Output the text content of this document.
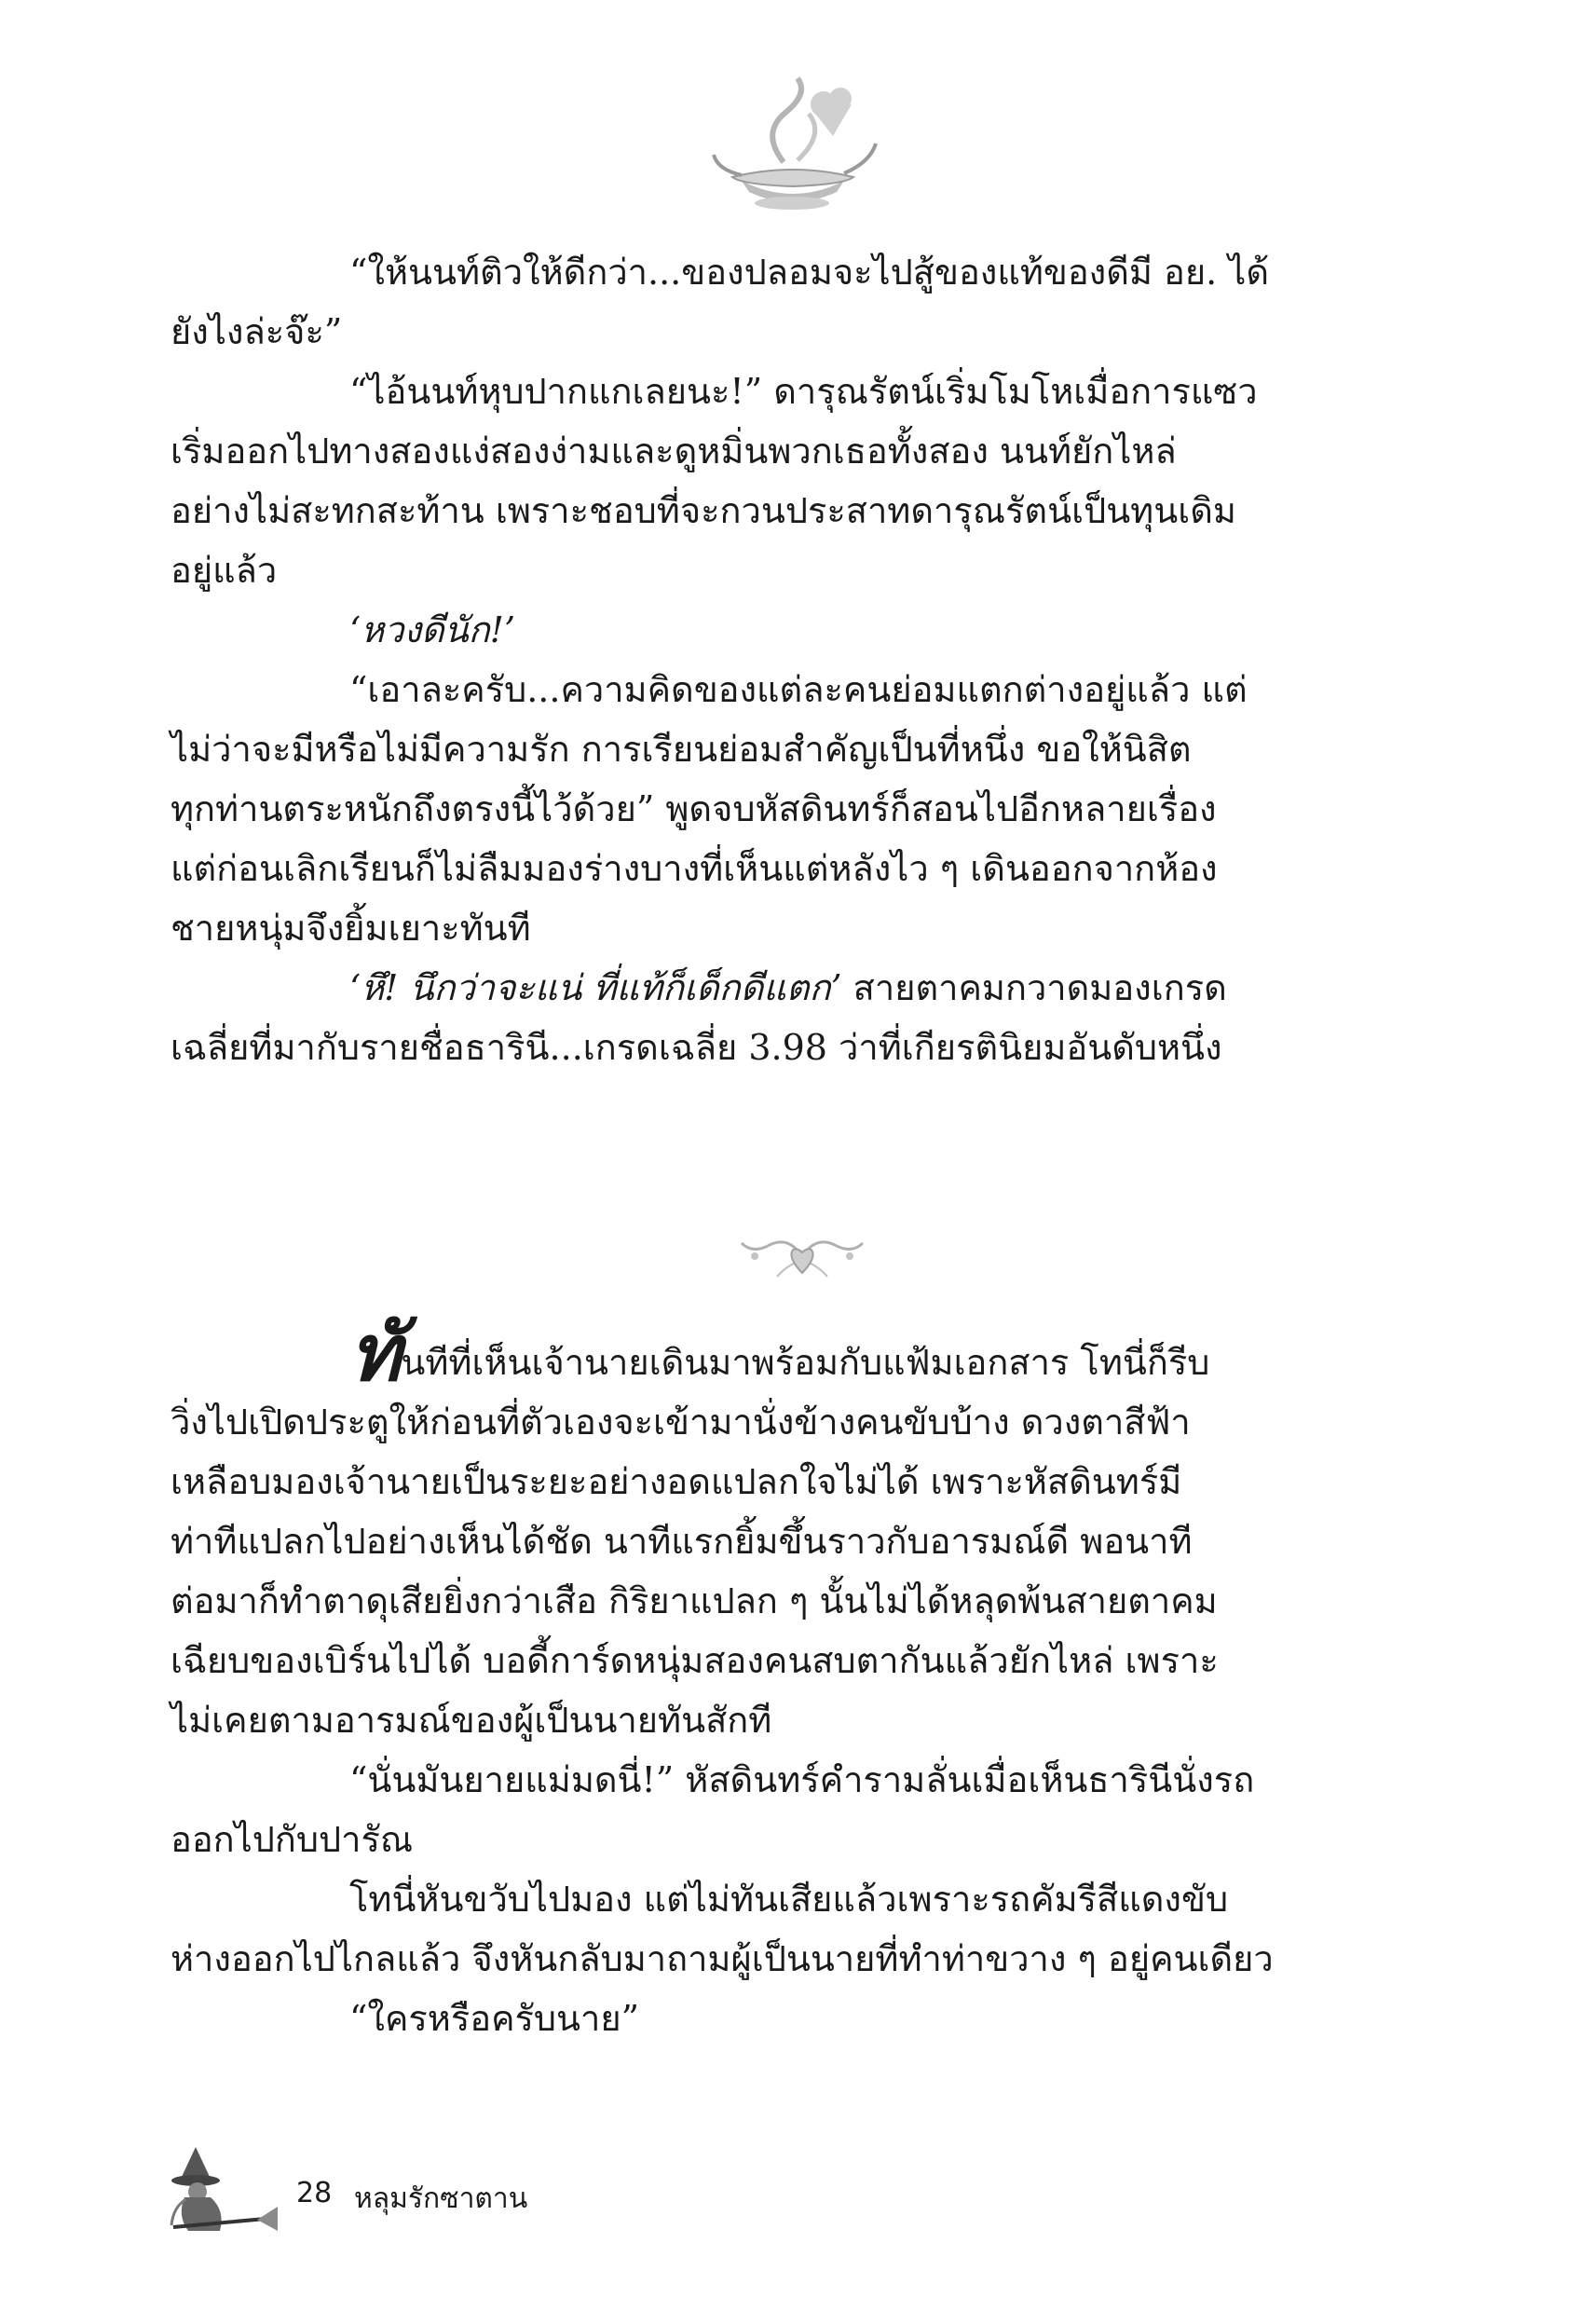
“ให้นนท์ติวให้ดีกว่า...ของปลอมจะไปสู้ของแท้ของดีมี อย. ได้

ยังไงล่ะจ๊ะ”

“ไอ้นนท์หุบปากแกเลยนะ!” ดารุณรัตน์เริ่มโมโหเมื่อการแซว

เริ่มออกไปทางสองแง่สองง่ามและดูหมิ่นพวกเธอทั้งสอง นนท์ยักไหล่

อย่างไม่สะทกสะท้าน เพราะชอบที่จะกวนประสาทดารุณรัตน์เป็นทุนเดิม

อยู่แล้ว

‘หวงดีนัก!’

“เอาละครับ...ความคิดของแต่ละคนย่อมแตกต่างอยู่แล้ว แต่

ไม่ว่าจะมีหรือไม่มีความรัก การเรียนย่อมสำคัญเป็นที่หนึ่ง ขอให้นิสิต

ทุกท่านตระหนักถึงตรงนี้ไว้ด้วย” พูดจบหัสดินทร์ก็สอนไปอีกหลายเรื่อง

แต่ก่อนเลิกเรียนก็ไม่ลืมมองร่างบางที่เห็นแต่หลังไว ๆ เดินออกจากห้อง

ชายหนุ่มจึงยิ้มเยาะทันที

‘หึ! นึกว่าจะแน่ ที่แท้ก็เด็กดีแตก’ สายตาคมกวาดมองเกรด

เฉลี่ยที่มากับรายชื่อธารินี...เกรดเฉลี่ย 3.98 ว่าที่เกียรตินิยมอันดับหนึ่ง

ทันทีที่เห็นเจ้านายเดินมาพร้อมกับแฟ้มเอกสาร โทนี่ก็รีบ

วิ่งไปเปิดประตูให้ก่อนที่ตัวเองจะเข้ามานั่งข้างคนขับบ้าง ดวงตาสีฟ้า

เหลือบมองเจ้านายเป็นระยะอย่างอดแปลกใจไม่ได้ เพราะหัสดินทร์มี

ท่าทีแปลกไปอย่างเห็นได้ชัด นาทีแรกยิ้มขึ้นราวกับอารมณ์ดี พอนาที

ต่อมาก็ทำตาดุเสียยิ่งกว่าเสือ กิริยาแปลก ๆ นั้นไม่ได้หลุดพ้นสายตาคม

เฉียบของเบิร์นไปได้ บอดี้การ์ดหนุ่มสองคนสบตากันแล้วยักไหล่ เพราะ

ไม่เคยตามอารมณ์ของผู้เป็นนายทันสักที

“นั่นมันยายแม่มดนี่!” หัสดินทร์คำรามลั่นเมื่อเห็นธารินีนั่งรถ

ออกไปกับปารัณ

โทนี่หันขวับไปมอง แต่ไม่ทันเสียแล้วเพราะรถคัมรีสีแดงขับ

ห่างออกไปไกลแล้ว จึงหันกลับมาถามผู้เป็นนายที่ทำท่าขวาง ๆ อยู่คนเดียว

“ใครหรือครับนาย”

28 หลุมรักซาตาน
